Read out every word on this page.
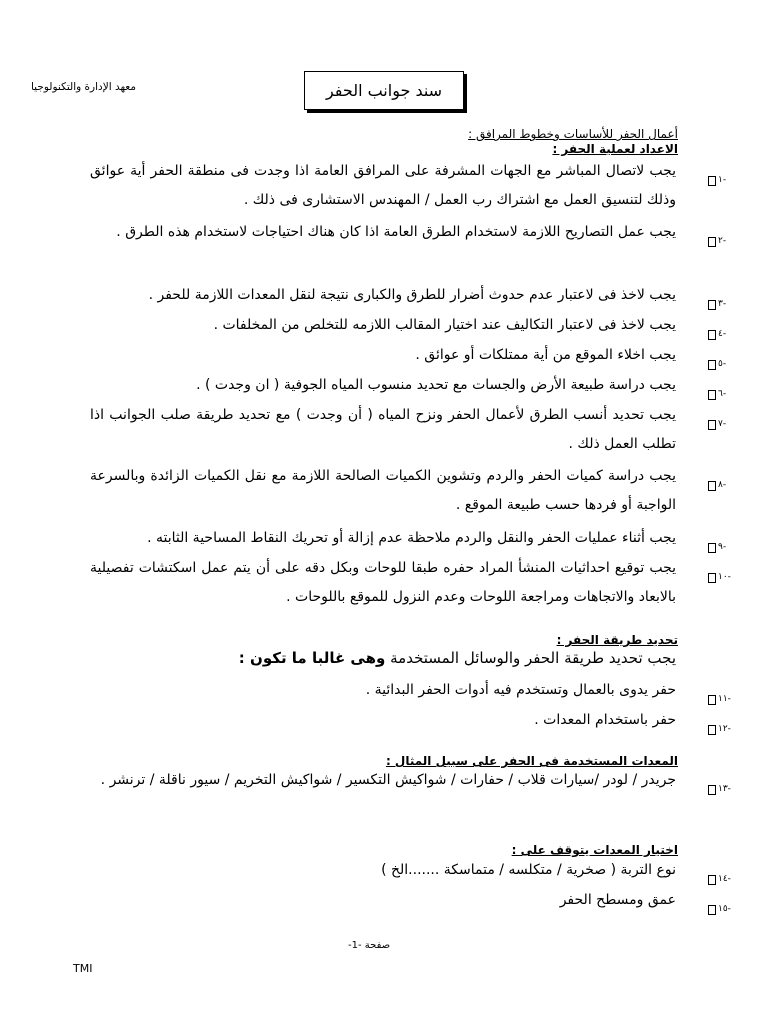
معهد الإدارة والتكنولوجيا	سند جوانب الحفر
أعمال الحفر للأساسات وخطوط المرافق :
الاعداد لعملية الحفر :
١-
يجب لاتصال المباشر مع الجهات المشرفة على المرافق العامة اذا وجدت فى منطقة الحفر أية عوائق وذلك لتنسيق العمل مع اشتراك رب العمل / المهندس الاستشارى فى ذلك .
٢-
يجب عمل التصاريح اللازمة لاستخدام الطرق العامة اذا كان هناك احتياجات لاستخدام هذه الطرق .
٣-
يجب لاخذ فى لاعتبار عدم حدوث أضرار للطرق والكبارى نتيجة لنقل المعدات اللازمة للحفر .
٤-
يجب لاخذ فى لاعتبار التكاليف عند اختيار المقالب اللازمه للتخلص من المخلفات .
٥-
يجب اخلاء الموقع من أية ممتلكات أو عوائق .
٦-
يجب دراسة طبيعة الأرض والجسات مع تحديد منسوب المياه الجوفية ( ان وجدت ) .
٧-
يجب تحديد أنسب الطرق لأعمال الحفر ونزح المياه ( أن وجدت ) مع تحديد طريقة صلب الجوانب اذا تطلب العمل ذلك .
٨-
يجب دراسة كميات الحفر والردم وتشوين الكميات الصالحة اللازمة مع نقل الكميات الزائدة وبالسرعة الواجبة أو فردها حسب طبيعة الموقع .
٩-
يجب أثناء عمليات الحفر والنقل والردم ملاحظة عدم إزالة أو تحريك النقاط المساحية الثابته .
١٠-
يجب توقيع احداثيات المنشأ المراد حفره طبقا للوحات وبكل دقه على أن يتم عمل اسكتشات تفصيلية بالابعاد والاتجاهات ومراجعة اللوحات وعدم النزول للموقع باللوحات .
تحديد طريقة الحفر :
يجب تحديد طريقة الحفر والوسائل المستخدمة وهى غالبا ما تكون :
١١-
حفر يدوى بالعمال وتستخدم فيه أدوات الحفر البدائية .
١٢-
حفر باستخدام المعدات .
المعدات المستخدمة فى الحفر على سبيل المثال :
١٣-
جريدر / لودر /سيارات قلاب / حفارات / شواكيش التكسير / شواكيش التخريم / سيور ناقلة / ترنشر .
اختيار المعدات يتوقف على :
١٤-
نوع التربة ( صخرية / متكلسه / متماسكة .......الخ )
١٥-
عمق ومسطح الحفر
صفحة -1-
TMI
